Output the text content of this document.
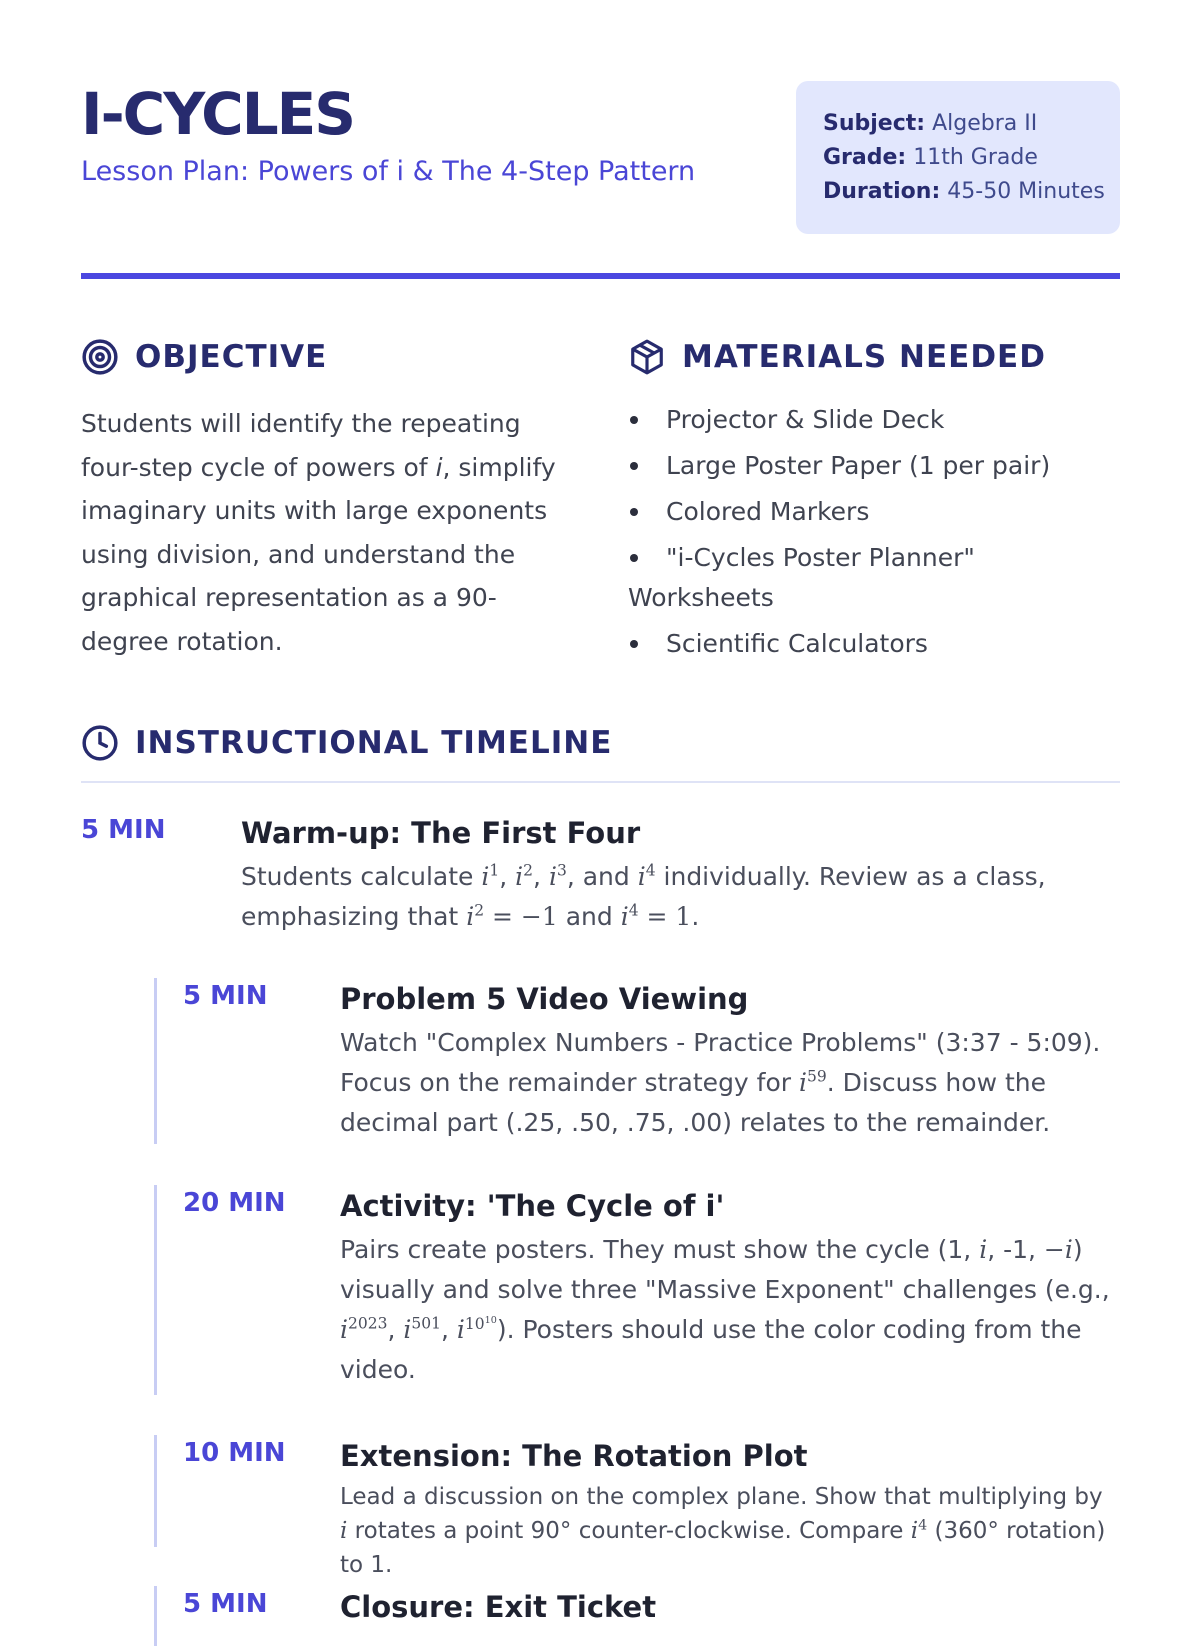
I-CYCLES
Lesson Plan: Powers of i & The 4-Step Pattern
Subject: Algebra II
Grade: 11th Grade
Duration: 45-50 Minutes
OBJECTIVE

Students will identify the repeating four-step cycle of powers of i, simplify imaginary units with large exponents using division, and understand the graphical representation as a 90-degree rotation.

MATERIALS NEEDED
Projector & Slide Deck
Large Poster Paper (1 per pair)
Colored Markers
"i-Cycles Poster Planner" Worksheets
Scientific Calculators
INSTRUCTIONAL TIMELINE
5 MIN	Warm-up: The First Four
Students calculate $i^1$, $i^2$, $i^3$, and $i^4$ individually. Review as a class, emphasizing that $i^2 = -1$ and $i^4 = 1$.
5 MIN	Problem 5 Video Viewing
Watch "Complex Numbers - Practice Problems" (3:37 - 5:09). Focus on the remainder strategy for $i^{59}$. Discuss how the decimal part (.25, .50, .75, .00) relates to the remainder.
20 MIN Activity: 'The Cycle of i'
Pairs create posters. They must show the cycle (1, i, -1, −i) visually and solve three "Massive Exponent" challenges (e.g., $i^{2023}$, $i^{501}$, $i^{10^{10}}$). Posters should use the color coding from the video.
10 MIN Extension: The Rotation Plot
Lead a discussion on the complex plane. Show that multiplying by i rotates a point 90° counter-clockwise. Compare $i^4$ (360° rotation) to 1.
5 MIN	Closure: Exit Ticket
